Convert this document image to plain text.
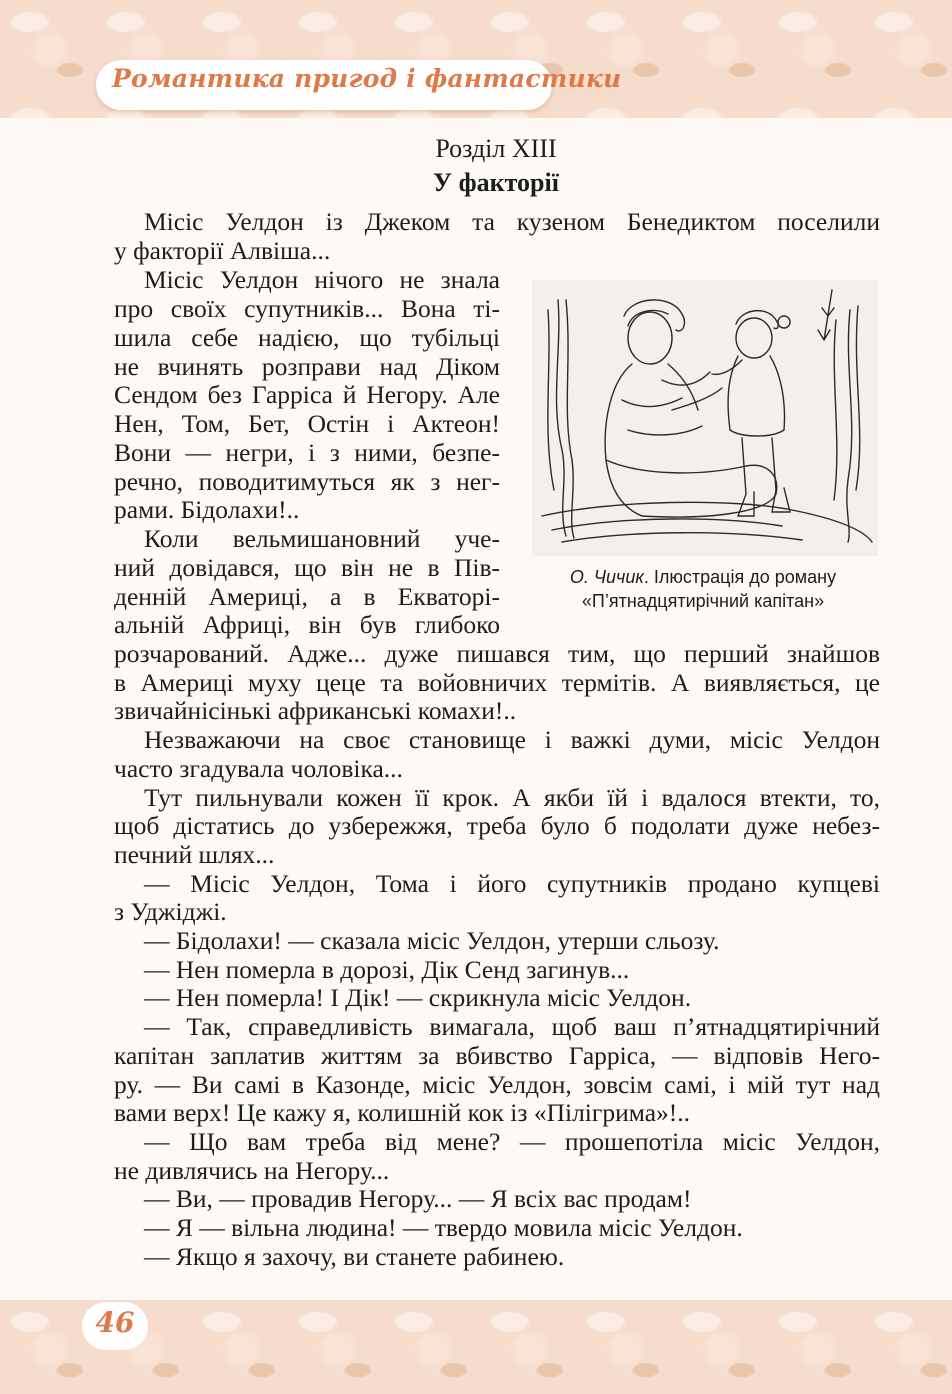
Романтика пригод і фантастики
Розділ XIII
У факторії
Місіс Уелдон із Джеком та кузеном Бенедиктом поселили
у факторії Алвіша...
Місіс Уелдон нічого не знала
про своїх супутників... Вона ті-
шила себе надією, що тубільці
не вчинять розправи над Діком
Сендом без Гарріса й Негору. Але
Нен, Том, Бет, Остін і Актеон!
Вони — негри, і з ними, безпе-
речно, поводитимуться як з нег-
рами. Бідолахи!..
Коли вельмишановний уче-
ний довідався, що він не в Пів-
денній Америці, а в Екваторі-
альній Африці, він був глибоко
розчарований. Адже... дуже пишався тим, що перший знайшов
в Америці муху цеце та войовничих термітів. А виявляється, це
звичайнісінькі африканські комахи!..
Незважаючи на своє становище і важкі думи, місіс Уелдон
часто згадувала чоловіка...
Тут пильнували кожен її крок. А якби їй і вдалося втекти, то,
щоб дістатись до узбережжя, треба було б подолати дуже небез-
печний шлях...
— Місіс Уелдон, Тома і його супутників продано купцеві
з Уджіджі.
— Бідолахи! — сказала місіс Уелдон, утерши сльозу.
— Нен померла в дорозі, Дік Сенд загинув...
— Нен померла! І Дік! — скрикнула місіс Уелдон.
— Так, справедливість вимагала, щоб ваш п’ятнадцятирічний
капітан заплатив життям за вбивство Гарріса, — відповів Него-
ру. — Ви самі в Казонде, місіс Уелдон, зовсім самі, і мій тут над
вами верх! Це кажу я, колишній кок із «Пілігрима»!..
— Що вам треба від мене? — прошепотіла місіс Уелдон,
не дивлячись на Негору...
— Ви, — провадив Негору... — Я всіх вас продам!
— Я — вільна людина! — твердо мовила місіс Уелдон.
— Якщо я захочу, ви станете рабинею.
О. Чичик. Ілюстрація до роману
«П’ятнадцятирічний капітан»
46
